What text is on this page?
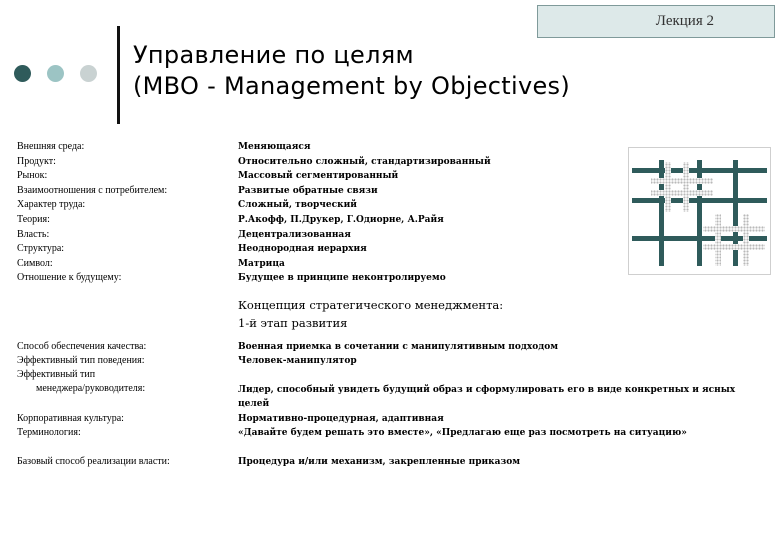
Лекция 2
Управление по целям
(MBO - Management by Objectives)
Внешняя среда:	Меняющаяся
Продукт:	Относительно сложный, стандартизированный
Рынок:	Массовый сегментированный
Взаимоотношения с потребителем:	Развитые обратные связи
Характер труда:	Сложный, творческий
Теория:	Р.Акофф, П.Друкер, Г.Одиорне, А.Райя
Власть:	Децентрализованная
Структура:	Неоднородная иерархия
Символ:	Матрица
Отношение к будущему:	Будущее в принципе неконтролируемо
Концепция стратегического менеджмента:
1-й этап развития
Способ обеспечения качества:	Военная приемка в сочетании с манипулятивным подходом
Эффективный тип поведения:	Человек-манипулятор
Эффективный тип
менеджера/руководителя:	Лидер, способный увидеть будущий образ и сформулировать его в виде конкретных и ясных
целей
Корпоративная культура:	Нормативно-процедурная, адаптивная
Терминология:	«Давайте будем решать это вместе», «Предлагаю еще раз посмотреть на ситуацию»
Базовый способ реализации власти:	Процедура и/или механизм, закрепленные приказом
